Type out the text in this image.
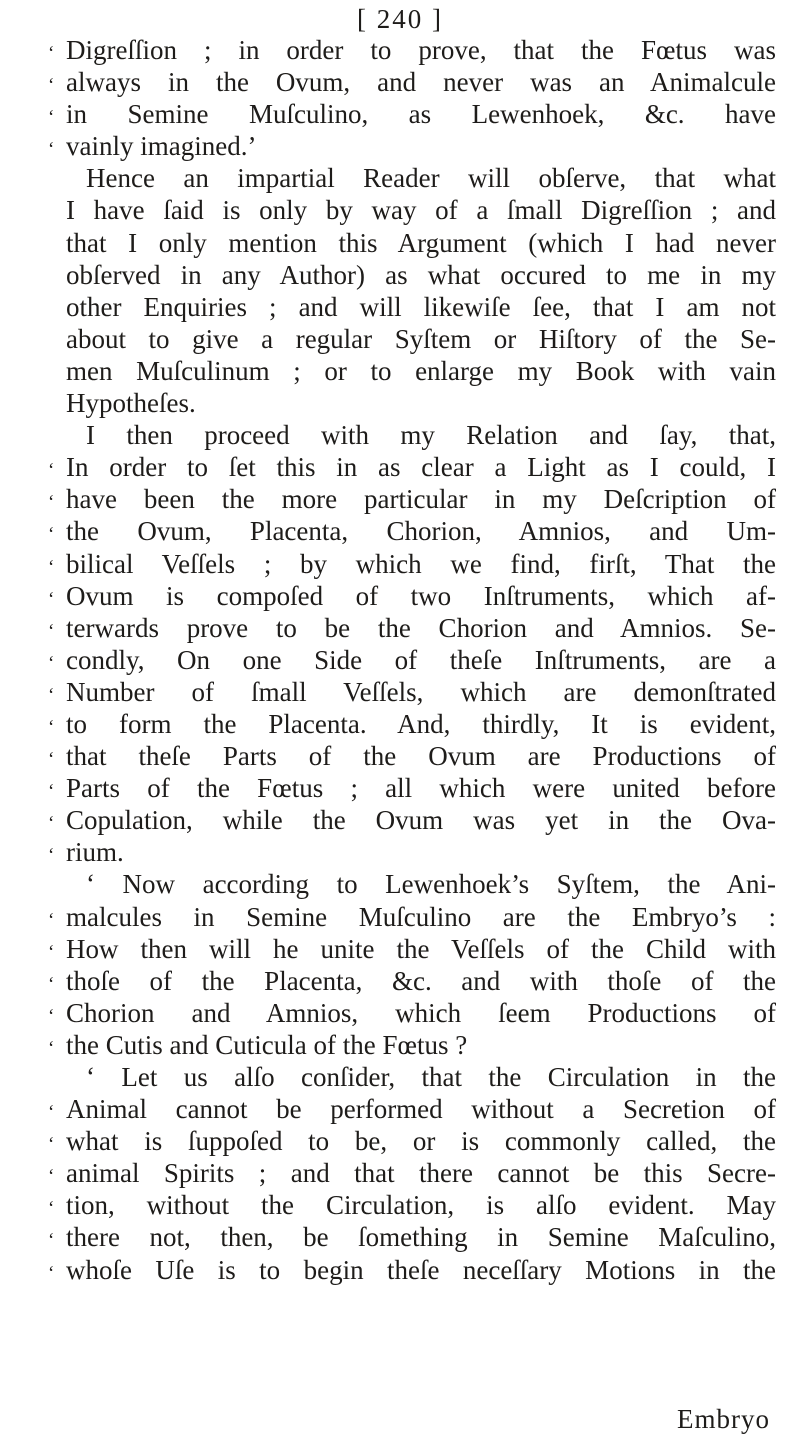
[ 240 ]
‘ Digreſſion ; in order to prove, that the Fœtus was
‘ always in the Ovum, and never was an Animalcule
‘ in Semine Muſculino, as Lewenhoek, &c. have
‘ vainly imagined.’
Hence an impartial Reader will obſerve, that what
I have ſaid is only by way of a ſmall Digreſſion ; and
that I only mention this Argument (which I had never
obſerved in any Author) as what occured to me in my
other Enquiries ; and will likewiſe ſee, that I am not
about to give a regular Syſtem or Hiſtory of the Se-
men Muſculinum ; or to enlarge my Book with vain
Hypotheſes.
I then proceed with my Relation and ſay, that,
‘ In order to ſet this in as clear a Light as I could, I
‘ have been the more particular in my Deſcription of
‘ the Ovum, Placenta, Chorion, Amnios, and Um-
‘ bilical Veſſels ; by which we find, firſt, That the
‘ Ovum is compoſed of two Inſtruments, which af-
‘ terwards prove to be the Chorion and Amnios. Se-
‘ condly, On one Side of theſe Inſtruments, are a
‘ Number of ſmall Veſſels, which are demonſtrated
‘ to form the Placenta. And, thirdly, It is evident,
‘ that theſe Parts of the Ovum are Productions of
‘ Parts of the Fœtus ; all which were united before
‘ Copulation, while the Ovum was yet in the Ova-
‘ rium.
‘ Now according to Lewenhoek’s Syſtem, the Ani-
‘ malcules in Semine Muſculino are the Embryo’s :
‘ How then will he unite the Veſſels of the Child with
‘ thoſe of the Placenta, &c. and with thoſe of the
‘ Chorion and Amnios, which ſeem Productions of
‘ the Cutis and Cuticula of the Fœtus ?
‘ Let us alſo conſider, that the Circulation in the
‘ Animal cannot be performed without a Secretion of
‘ what is ſuppoſed to be, or is commonly called, the
‘ animal Spirits ; and that there cannot be this Secre-
‘ tion, without the Circulation, is alſo evident. May
‘ there not, then, be ſomething in Semine Maſculino,
‘ whoſe Uſe is to begin theſe neceſſary Motions in the
Embryo
